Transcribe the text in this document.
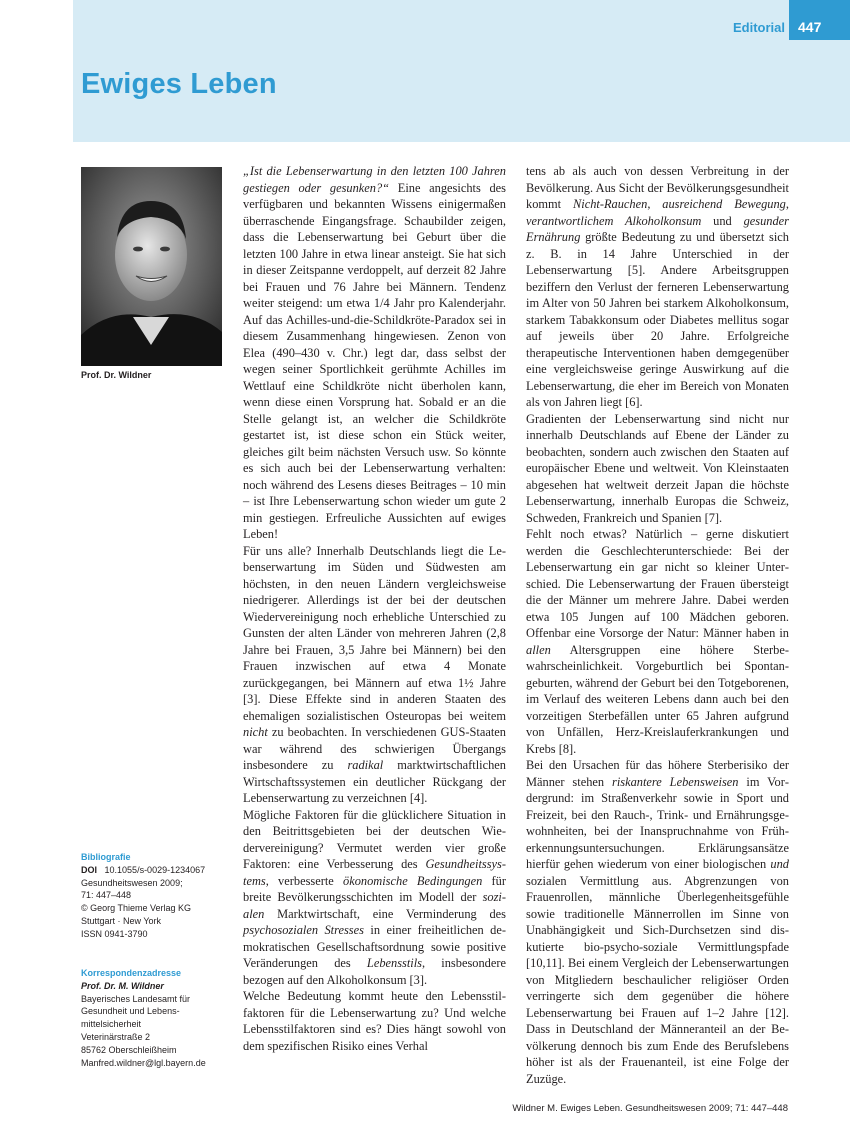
Editorial 447
Ewiges Leben
Prof. Dr. Wildner

„Ist die Lebenserwartung in den letzten 100 Jahren gestiegen oder gesunken?“ Eine angesichts des verfügbaren und bekannten Wissens einigermaßen überraschende Eingangsfrage. Schaubilder zeigen, dass die Lebenserwartung bei Geburt über die letzten 100 Jahre in etwa linear ansteigt. Sie hat sich in dieser Zeitspanne verdoppelt, auf derzeit 82 Jahre bei Frauen und 76 Jahre bei Männern. Tendenz weiter steigend: um etwa 1/4 Jahr pro Kalenderjahr. Auf das Achilles-und-die-Schildkröte-Paradox sei in diesem Zusammenhang hingewiesen. Zenon von Elea (490–430 v. Chr.) legt dar, dass selbst der wegen seiner Sportlichkeit gerühmte Achilles im Wettlauf eine Schildkröte nicht überholen kann, wenn diese einen Vorsprung hat. Sobald er an die Stelle gelangt ist, an welcher die Schildkröte gestartet ist, ist diese schon ein Stück weiter, gleiches gilt beim nächsten Versuch usw. So könnte es sich auch bei der Lebenserwartung verhalten: noch während des Lesens dieses Beitrages – 10 min – ist Ihre Lebenserwartung schon wieder um gute 2 min gestiegen. Erfreuliche Aussichten auf ewiges Leben!
Für uns alle? Innerhalb Deutschlands liegt die Lebenserwartung im Süden und Südwesten am höchsten, in den neuen Ländern vergleichsweise niedrigerer. Allerdings ist der bei der deutschen Wiedervereinigung noch erhebliche Unterschied zu Gunsten der alten Länder von mehreren Jahren (2,8 Jahre bei Frauen, 3,5 Jahre bei Männern) bei den Frauen inzwischen auf etwa 4 Monate zurückgegangen, bei Männern auf etwa 1½ Jahre [3]. Diese Effekte sind in anderen Staaten des ehemaligen sozialistischen Osteuropas bei weitem nicht zu beobachten. In verschiedenen GUS-Staaten war während des schwierigen Übergangs insbesondere zu radikal marktwirtschaftlichen Wirtschaftssystemen ein deutlicher Rückgang der Lebenserwartung zu verzeichnen [4].
Mögliche Faktoren für die glücklichere Situation in den Beitrittsgebieten bei der deutschen Wiedervereinigung? Vermutet werden vier große Faktoren: eine Verbesserung des Gesundheitssystems, verbesserte ökonomische Bedingungen für breite Bevölkerungsschichten im Modell der sozialen Marktwirtschaft, eine Verminderung des psychosozialen Stresses in einer freiheitlichen demokratischen Gesellschaftsordnung sowie positive Veränderungen des Lebensstils, insbesondere bezogen auf den Alkoholkonsum [3].
Welche Bedeutung kommt heute den Lebensstilfaktoren für die Lebenserwartung zu? Und welche Lebensstilfaktoren sind es? Dies hängt sowohl von dem spezifischen Risiko eines Verhal

tens ab als auch von dessen Verbreitung in der Bevölkerung. Aus Sicht der Bevölkerungsgesundheit kommt Nicht-Rauchen, ausreichend Bewegung, verantwortlichem Alkoholkonsum und gesunder Ernährung größte Bedeutung zu und übersetzt sich z. B. in 14 Jahre Unterschied in der Lebenserwartung [5]. Andere Arbeitsgruppen beziffern den Verlust der ferneren Lebenserwartung im Alter von 50 Jahren bei starkem Alkoholkonsum, starkem Tabakkonsum oder Diabetes mellitus sogar auf jeweils über 20 Jahre. Erfolgreiche therapeutische Interventionen haben demgegenüber eine vergleichsweise geringe Auswirkung auf die Lebenserwartung, die eher im Bereich von Monaten als von Jahren liegt [6].
Gradienten der Lebenserwartung sind nicht nur innerhalb Deutschlands auf Ebene der Länder zu beobachten, sondern auch zwischen den Staaten auf europäischer Ebene und weltweit. Von Kleinstaaten abgesehen hat weltweit derzeit Japan die höchste Lebenserwartung, innerhalb Europas die Schweiz, Schweden, Frankreich und Spanien [7].
Fehlt noch etwas? Natürlich – gerne diskutiert werden die Geschlechterunterschiede: Bei der Lebenserwartung ein gar nicht so kleiner Unterschied. Die Lebenserwartung der Frauen übersteigt die der Männer um mehrere Jahre. Dabei werden etwa 105 Jungen auf 100 Mädchen geboren. Offenbar eine Vorsorge der Natur: Männer haben in allen Altersgruppen eine höhere Sterbewahrscheinlichkeit. Vorgeburtlich bei Spontangeburten, während der Geburt bei den Totgeborenen, im Verlauf des weiteren Lebens dann auch bei den vorzeitigen Sterbefällen unter 65 Jahren aufgrund von Unfällen, Herz-Kreislauferkrankungen und Krebs [8].
Bei den Ursachen für das höhere Sterberisiko der Männer stehen riskantere Lebensweisen im Vordergrund: im Straßenverkehr sowie in Sport und Freizeit, bei den Rauch-, Trink- und Ernährungsgewohnheiten, bei der Inanspruchnahme von Früherkennungsuntersuchungen. Erklärungsansätze hierfür gehen wiederum von einer biologischen und sozialen Vermittlung aus. Abgrenzungen von Frauenrollen, männliche Überlegenheitsgefühle sowie traditionelle Männerrollen im Sinne von Unabhängigkeit und Sich-Durchsetzen sind diskutierte bio-psycho-soziale Vermittlungspfade [10,11]. Bei einem Vergleich der Lebenserwartungen von Mitgliedern beschaulicher religiöser Orden verringerte sich dem gegenüber die höhere Lebenserwartung bei Frauen auf 1–2 Jahre [12]. Dass in Deutschland der Männeranteil an der Bevölkerung dennoch bis zum Ende des Berufslebens höher ist als der Frauenanteil, ist eine Folge der Zuzüge.

Bibliografie
DOI 10.1055/s-0029-1234067
Gesundheitswesen 2009;
71: 447–448
© Georg Thieme Verlag KG
Stuttgart · New York
ISSN 0941-3790
Korrespondenzadresse
Prof. Dr. M. Wildner
Bayerisches Landesamt für
Gesundheit und Lebens-
mittelsicherheit
Veterinärstraße 2
85762 Oberschleißheim
Manfred.wildner@lgl.bayern.de
Wildner M. Ewiges Leben. Gesundheitswesen 2009; 71: 447–448
